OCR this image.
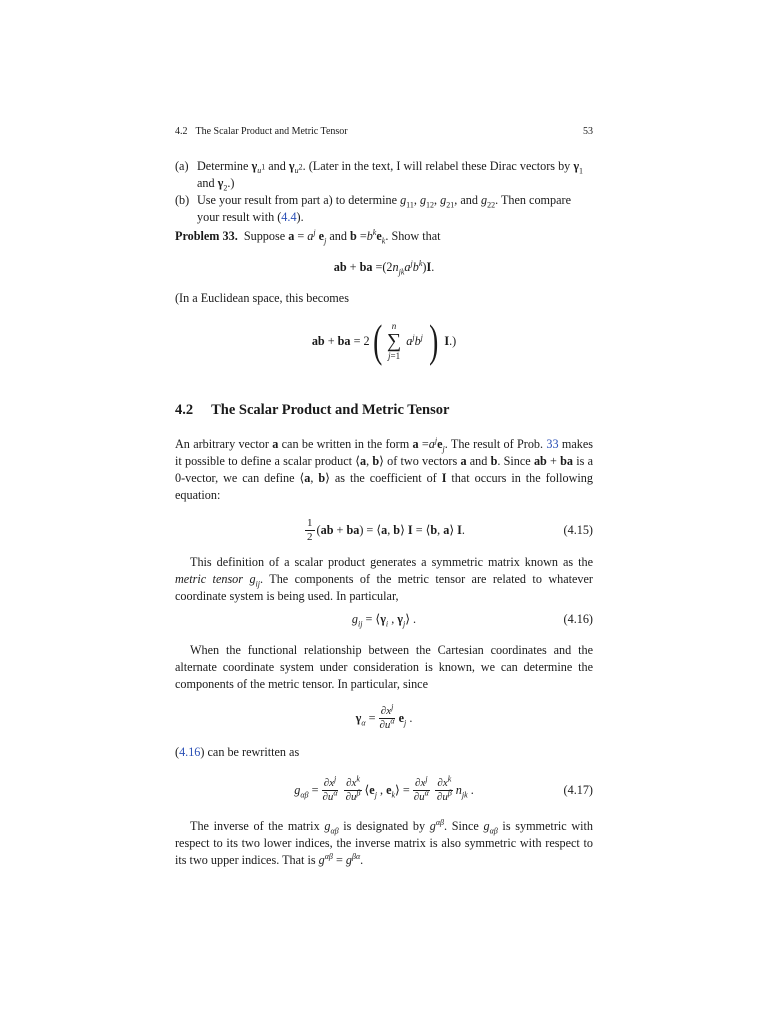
4.2 The Scalar Product and Metric Tensor	53
(a) Determine $\gamma_{u^1}$ and $\gamma_{u^2}$. (Later in the text, I will relabel these Dirac vectors by $\gamma_1$ and $\gamma_2$.)
(b) Use your result from part a) to determine $g_{11}$, $g_{12}$, $g_{21}$, and $g_{22}$. Then compare your result with (4.4).
Problem 33. Suppose $a = a^j$ $e_j$ and $b =b^ke_k$. Show that
ab + ba $=(2n_{jk}a^jb^k)I$.
(In a Euclidean space, this becomes
ab + ba = 2 ( n
∑
j=1
$a^jb^j$ ) I.)
4.2 The Scalar Product and Metric Tensor
An arbitrary vector a can be written in the form $a =a^je_j$. The result of Prob. 33 makes it possible to define a scalar product ⟨a, b⟩ of two vectors a and b. Since ab + ba is a 0-vector, we can define ⟨a, b⟩ as the coefficient of I that occurs in the following equation:
$\frac{1}{2} (ab + ba)$ = ⟨a, b⟩ I = ⟨b, a⟩ I.	(4.15)
This definition of a scalar product generates a symmetric matrix known as the metric tensor $g_{ij}$. The components of the metric tensor are related to whatever coordinate system is being used. In particular,
$g_{ij}$ = $⟨\gamma_i$ , $\gamma_j⟩$ .	(4.16)
When the functional relationship between the Cartesian coordinates and the alternate coordinate system under consideration is known, we can determine the components of the metric tensor. In particular, since
$\gamma_\alpha = \frac{\partial x^j}{\partial u^\alpha} e_j$ .
(4.16) can be rewritten as
$g_{\alpha\beta} = \frac{\partial x^j}{\partial u^\alpha} \frac{\partial x^k}{\partial u^\beta}$ $⟨e_j$ , $e_k⟩ = \frac{\partial x^j}{\partial u^\alpha} \frac{\partial x^k}{\partial u^\beta} n_{jk}$ .	(4.17)
The inverse of the matrix $g_{\alpha\beta}$ is designated by $g^{\alpha\beta}$. Since $g_{\alpha\beta}$ is symmetric with respect to its two lower indices, the inverse matrix is also symmetric with respect to its two upper indices. That is $g^{\alpha\beta} = g^{\beta\alpha}$.
